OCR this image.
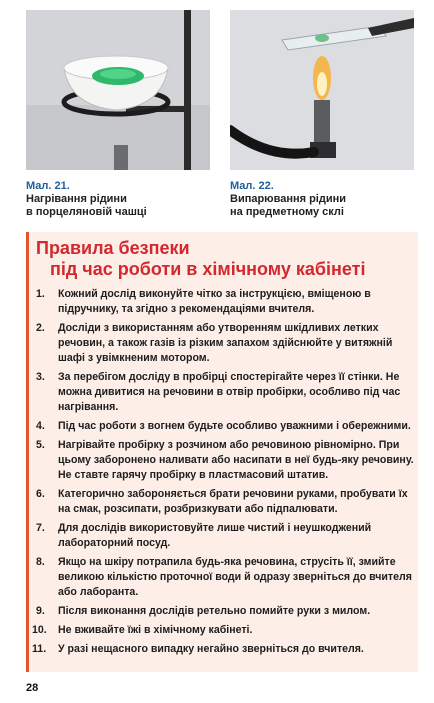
Мал. 21.
Нагрівання рідини
в порцеляновій чашці
Мал. 22.
Випарювання рідини
на предметному склі
Правила безпеки
під час роботи в хімічному кабінеті
1.	Кожний дослід виконуйте чітко за інструкцією, вміщеною в підручнику, та згідно з рекомендаціями вчителя.
2.	Досліди з використанням або утворенням шкідливих летких речовин, а також газів із різким запахом здійснюйте у витяжній шафі з увімкненим мотором.
3.	За перебігом досліду в пробірці спостерігайте через її стінки. Не можна дивитися на речовини в отвір пробірки, особливо під час нагрівання.
4.	Під час роботи з вогнем будьте особливо уважними і обережними.
5.	Нагрівайте пробірку з розчином або речовиною рівномірно. При цьому заборонено наливати або насипати в неї будь-яку речовину. Не ставте гарячу пробірку в пластмасовий штатив.
6.	Категорично забороняється брати речовини руками, пробувати їх на смак, розсипати, розбризкувати або підпалювати.
7.	Для дослідів використовуйте лише чистий і неушкоджений лабораторний посуд.
8.	Якщо на шкіру потрапила будь-яка речовина, струсіть її, змийте великою кількістю проточної води й одразу зверніться до вчителя або лаборанта.
9.	Після виконання дослідів ретельно помийте руки з милом.
10.	Не вживайте їжі в хімічному кабінеті.
11.	У разі нещасного випадку негайно зверніться до вчителя.
28
